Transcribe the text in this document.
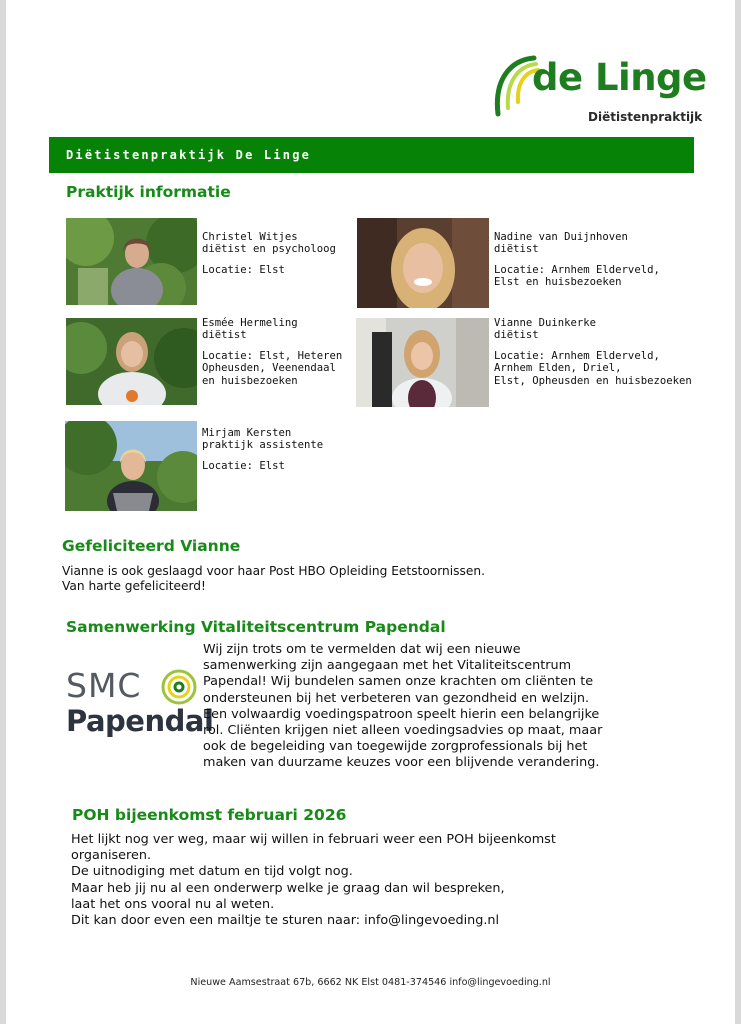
de Linge
Diëtistenpraktijk
Diëtistenpraktijk De Linge
Praktijk informatie
Christel Witjes
diëtist en psycholoog
Locatie: Elst
Nadine van Duijnhoven
diëtist
Locatie: Arnhem Elderveld,
Elst en huisbezoeken
Esmée Hermeling
diëtist
Locatie: Elst, Heteren
Opheusden, Veenendaal
en huisbezoeken
Vianne Duinkerke
diëtist
Locatie: Arnhem Elderveld,
Arnhem Elden, Driel,
Elst, Opheusden en huisbezoeken
Mirjam Kersten
praktijk assistente
Locatie: Elst
Gefeliciteerd Vianne
Vianne is ook geslaagd voor haar Post HBO Opleiding Eetstoornissen.
Van harte gefeliciteerd!
Samenwerking Vitaliteitscentrum Papendal
SMC
Papendal
Wij zijn trots om te vermelden dat wij een nieuwe
samenwerking zijn aangegaan met het Vitaliteitscentrum
Papendal! Wij bundelen samen onze krachten om cliënten te
ondersteunen bij het verbeteren van gezondheid en welzijn.
Een volwaardig voedingspatroon speelt hierin een belangrijke
rol. Cliënten krijgen niet alleen voedingsadvies op maat, maar
ook de begeleiding van toegewijde zorgprofessionals bij het
maken van duurzame keuzes voor een blijvende verandering.
POH bijeenkomst februari 2026
Het lijkt nog ver weg, maar wij willen in februari weer een POH bijeenkomst
organiseren.
De uitnodiging met datum en tijd volgt nog.
Maar heb jij nu al een onderwerp welke je graag dan wil bespreken,
laat het ons vooral nu al weten.
Dit kan door even een mailtje te sturen naar: info@lingevoeding.nl
Nieuwe Aamsestraat 67b, 6662 NK Elst 0481-374546 info@lingevoeding.nl
